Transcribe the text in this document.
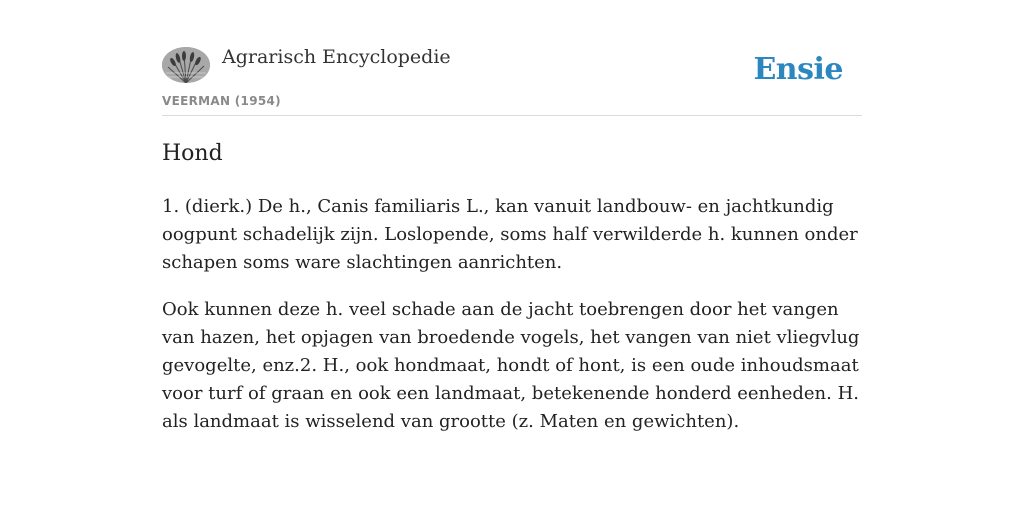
Agrarisch Encyclopedie
VEERMAN (1954)
Ensie
Hond

1. (dierk.) De h., Canis familiaris L., kan vanuit landbouw- en jachtkundig oogpunt schadelijk zijn. Loslopende, soms half verwilderde h. kunnen onder schapen soms ware slachtingen aanrichten.

Ook kunnen deze h. veel schade aan de jacht toebrengen door het vangen van hazen, het opjagen van broedende vogels, het vangen van niet vliegvlug gevogelte, enz.2. H., ook hondmaat, hondt of hont, is een oude inhoudsmaat voor turf of graan en ook een landmaat, betekenende honderd eenheden. H. als landmaat is wisselend van grootte (z. Maten en gewichten).
